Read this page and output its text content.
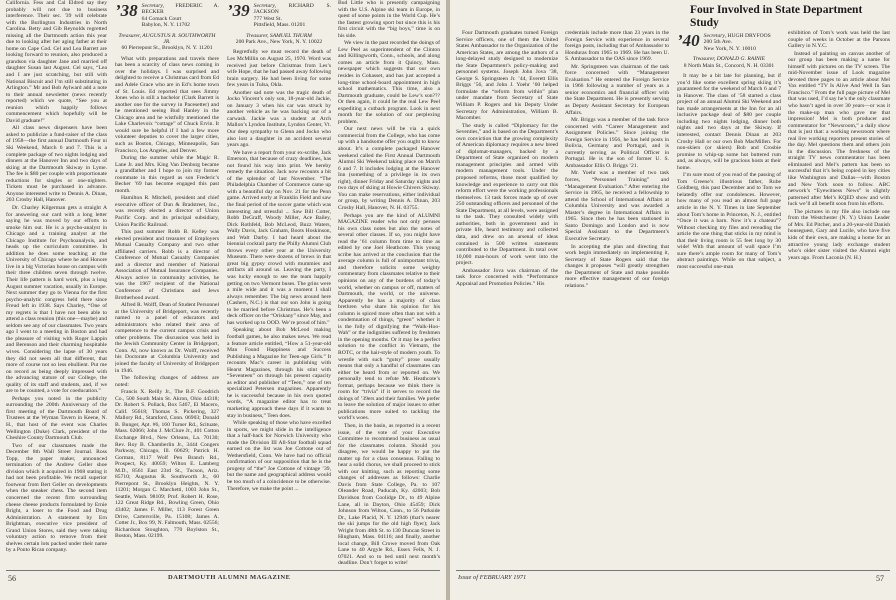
California. Fess and Cal Eldred say they probably will not due to business interference. Their sec. '39 will celebrate with the Burlington Industries in North Carolina. Betty and Gib Reynolds regretted missing all the Dartmouth action this year due to looking after her aging father at their home on Cape Cod. Cel and Lea Barrett are looking forward to reunion, also produced a grandson via daughter Jane and married off daughter Susan last August. Cel says, “Lea and I are just scratching, but still with National Biscuit and I’m still substituting in Arlington.” Mr and Bob Aylward add a note to their annual newsletter (news recently reported) which we quote, “See you at reunion which happily follows commencement which hopefully will be David graduate!”

All class news dispensers have been asked to publicize a fund-raiser of the class of 1958—the first annual Dartmouth Four ni Ski Weekend, March 6 and 7. This is a complete package of two nights lodging and dinners at the Hanover Inn and two days of skiing at the Dartmouth Skiway in Lyme. The fee is $80 per couple with proportionate reductions for singles or one-nighters. Tickets must be purchased in advance. Anyone interested write to Dennis A. Dinan, 203 Crosby Hall, Hanover.

Dr. Charley Kilgerman gets a straight A for answering our card with a long letter saying he was moved by our efforts to smoke him out. He is a psycho-analyst in Chicago and a training analyst at the Chicago Institute for Psychoanalysis, and heads up the curriculum committee. In addition he does some teaching at the University of Chicago where he and Honore live in a big Victorian house on campus with their three children seven through twelve. Their life pattern is hard work, plus a long August summer vacation, usually in Europe. Next summer they go to Vienna for the first psycho-analytic congress held there since Freud left in 1938. Says Charley, “One of my regrets is that I have not been able to attend a class reunion (this one—maybe) and seldom see any of our classmates. Two years ago I went to a meeting in Boston and had the pleasure of visiting with Roger Lappin and Berenson and their charming hospitable wives. Considering the lapse of 30 years they did not seem all that different, that more of course not so less ebullient. Put me on record as being deeply impressed with the advancing stature of our College, the quality of its staff and students, and, if we are to be counted, a vote for coeducation.”

Perhaps you noted in the publicity surrounding the 200th Anniversary of the first meeting of the Dartmouth Board of Trustees at the Wyman Tavern in Keene, N. H., that host of the event was Charles Wellington (Duke) Clark, president of the Cheshire County Dartmouth Club.

Two of our classmates made the December 8th Wall Street Journal. Ross Topp, the paper maker, announced termination of the Andrew Geller shoe division which it acquired in 1968 stating it had not been profitable. We recall superior footwear from Bert Geller on developments when the sneaker chess. The second item concerned the recent firm surrounding cheese cheese products formulated by Ernie Bright, a loser to the Food and Drug Administration. A statement by Ern Brightman, executive vice president of Grand Union Stores, said they were taking voluntary action to remove from their shelves certain lots packed under their name by a Ponto Rican company.

’38 Secretary, FREDERIC A. BECKER
64 Comack Court
Babylon, N. Y. 11702
Treasurer, AUGUSTUS R. SOUTHWORTH JR.
60 Pierrepont St., Brooklyn, N. Y. 11201

What with preparations and travels there has been a scarcity of class news coming in over the holidays. I was surprised and delighted to receive a Christmas card from Ed and Adele Grace who are in Ed’s home town of St. Louis. Ed reported that sees Jimmy Jones who is still a bachelor (Clark Barrett is another one for the survey in Pacesetter) and he mentioned seeing Bud Hanley in the Chicago area and he wistfully mentioned the Lake Charlevoix “cottage” of Chuck Ervin. It would sure be helpful if I had a few more volunteer deputies to cover the larger cities, such as Boston, Chicago, Minneapolis, San Francisco, Los Angeles, and Denver.

During the summer while the Magic R. Lane Jr. and Mrs. King Van Denburg became a grandfather and I hope to join my former roommate in this regard as son Frederic’s Becker ’69 has become engaged this past month.

Hamilton R. Mitchell, president and chief executive officer of Dun & Bradstreet, Inc., was recently elected a director of Union Pacific Corp. and its principal subsidiary, Union Pacific Railroad.

This past summer Robb B. Kelley was elected president and treasurer of Employers Mutual Casualty Company and two other affiliated carriers. Robb is a director of Conference of Mutual Casualty Companies and a director and member of National Association of Mutual Insurance Companies. Always active in community activities, he was the 1967 recipient of the National Conference of Christians and Jews Brotherhood award.

Alfred R. Wolff, Dean of Student Personnel at the University of Bridgeport, was recently named to a panel of educators and administrators who related their area of competence to the current campus crisis and other problems. The discussion was held in the Jewish Community Center in Bridgeport, Conn. Al, now known as Dr. Wolff, received his Doctorate at Columbia University and joined the faculty of University of Bridgeport in 1946.

The following changes of address are noted:

Francis X. Reilly Jr., The B.F. Goodrich Co., 500 South Main St. Akron, Ohio 44318; Dr. Robert S. Pollack, Box 5467, El Macero, Calif. 95618; Thomas S. Pickering, 327 Mallory Rd., Stamford, Conn. 06903; Donald B. Bunger, Apt. #6, 160 Turner Rd., Scituate, Mass. 02066; John J. McClure Jr., 401 Cotton Exchange Blvd., New Orleans, La. 70130; Rev. Roy B. Chamberlin Jr., 3444 Congers Parkway, Chicago, Ill. 60629; Patrick H. Gorman, 8117 Wolf Pen Branch Rd., Prospect, Ky. 40059; Wilton E. Lamberg M.D., 8561 East 23rd St., Tucson, Ariz. 85710; Augustus R. Southworth Jr., 60 Pierrepont St., Brooklyn Heights, N. Y. 11201; Morgan C. Marchetti, 1003 John St., Seattle, Wash. 98109; Prof. Robert H. Rose, 122 Great Ridge Rd., Bowling Green, Ohio 43402; James F. Miller, 113 Forest Green Drive, Cartersville, Pa. 15108; James A. Cotter Jr., Box 99, N. Falmouth, Mass. 02556; Richardson Stoughton, 770 Boylston St., Boston, Mass. 02199.

’39 Secretary, RICHARD S. JACKSON
777 West St.
Pittsfield, Mass. 01201
Treasurer, SAMUEL THURM
200 Park Ave., New York, N. Y. 10022

Regretfully we must record the death of Les McMillin on August 25, 1970. Word was received just before Christmas from Les’s wife Hope, that he had passed away following brain surgery. He had been living for some few years in Tulsa, Okla.

Another sad note was the tragic death of Jocko Vincent’s only son, 18-year-old Jackie, on January 3 when his car was struck by another vehicle as he was backing out of a carwash. Jackie was a student at Arch Mallon’s Lyndon Institute, Lyndon Center, Vt. Our deep sympathy to Glenn and Jocko who also lost a daughter in an accident several years ago.

We have a report from your ex-scribe, Jack Emerson, that because of crazy deadlines, has not found his way into print. We hereby remedy the situation. Jack now recounts a bit of the splendor of last November. “The Philadelphia Chamber of Commerce came up with a beautiful day on Nov. 21 for the Penn game. Arrived early at Franklin Field and saw the final period of the soccer game which was interesting and stressful ... Saw Bill Cotter, Robb DeGraff, Woody Miller, Ace Bailey, Dick Rothfeld, Bob McLeod, Buzz Waters, Wally Davis, Jack Graham, Boots Hoskinson, and Walt Darby. I had heard about the biennial cocktail party the Philly Alumni Club throws every other year at the University Museum. There were dozens of brews in that great big gypsy crowd with mummies and artifacts all around us. Leaving the party, I was lucky enough to see the team happily getting on two Vermont buses. The grins were a mile wide and it was a moment I shall always remember. The big news around here (Cashers, N.C.) is that our son John is going to be married before Christmas. He’s been a deck officer on the “Oriskany” since May, and has worked up to OOD. We’re proud of him.”

Speaking about Bob McLeod making football games, he also makes news. We read a feature article entitled, “How a 51-year-old Man Found Happiness and Success Publishing a Magazine for Teen-age Girls.” It recounts Mac’s career in publishing with Hearst Magazines, through his stint with “Seventeen” on through his present capacity as editor and publisher of “Teen,” one of ten specialized Petersen magazines. Apparently he is successful because in his own quoted words, “A magazine editor has to treat marketing approach these days if it wants to stay in business,” Teen does.

While speaking of those who have excelled in sports, we might slide in the intelligence that a half-back for Norwich University who made the Division III All-Star football squad earned on the list was Joe Cottone out of Wethersfield, Conn. We have had no official confirmation of our supposition that he is the progeny of “the” Joe Cottone of vintage ’39, but the name and geographical address would be too much of a coincidence to be otherwise. Therefore, we make the point ...

Bud Little who is presently campaigning with the U.S. Alpine ski team in Europe, in quest of some points in the World Cup. He’s the fastest growing sport but since this is his first circuit with the “big boys,” time is on his side.

We view in the past recorded the doings of Lew Peel as superintendent of the Clinton and Killingworth, Conn., schools, and along comes an article from it Quincy, Mass. newspaper which suggests that our own resides in Cohasset, and has just accepted a long-time school-board appointment in high school mathematics. This time, also a Dartmouth graduate, could be Lew’s son??? Or then again, it could be the real Lew Peel expediting a cutback program. Look in next month for the solution of our perplexing problem.

Our next news will be via a quick commercial from the College, who has come up with a handsome offer you ought to know about. It’s a complete packaged Hanover weekend called the First Annual Dartmouth Alumni Ski Weekend taking place on March 6 and 7. It includes lodging at the Hanover Inn (something of a privilege in its own right), dinner Friday and Saturday nights and two days of skiing at Howie Chivers Skiway. You can make reservations, either individual or group, by writing Dennis A. Dinan, 203 Crosby Hall, Hanover, N. H. 03755.

Perhaps you are the kind of ALUMNI MAGAZINE reader who not only peruses his own class notes but also the notes of several other classes. If so, you might have read the ’61 column from time to time as edited by one Joel Heathcote. This young scribe has arrived at the conclusion that the average column is full of unimportant trivia, and therefore solicits some weighty commentary from classmates relative to their opinions on any of the burdens of today’s world, whether on campus or off, matters of Dartmouth, the world, or the universe. Apparently he has a majority of class brethren who share his opinion for his column is spiced more often than not with a condemnation of things, “green” whether it is the folly of dignifying the “Walk-Hoo-Wah” or the indignities suffered by freshmen in the opening months. Or it may be a perfect solution to the conflict in Vietnam, the ROTC, or the hair-style of modern youth. To wrestle with such “gutsy” prose usually means that only a handful of classmates can either be heard from or reported on. We personally tend to refute Mr. Heathcote’s format, perhaps because we think there is room for “trivia” if it serves to record the doings of ’39ers and their families. We prefer to leave the solution of major issues to other publications more suited to tackling the world’s woes.

Then, in the basin, as reported in a recent issue, of the vote of your Executive Committee to recommend business as usual for the classmates column. Should you disagree, we would be happy to put the matter up for a class consensus. Failing to hear a solid chorus, we shall proceed to stick with our knitting, such as reporting some changes of addresses as follows: Charlie Davis from State College, Pa. to 107 Oleander Road, Paducah, Ky. 42003; Bob Davidson from Coolidge Dr., to 49 Alpine Lane, all in Dayton, Ohio 45459; Dick Johnson from Wilton, Conn., to 56 Parkside Dr., Lake Placid, N. Y. 12946 (that’s nearer the ski jumps for the old high flyer); Jack Wright from 48th St. to 130 Duncan Street in Hingham, Mass. 04116; and finally, another local change, Bill Crowe moved from Oak Lane to 40 Argyle Rd., Essex Fells, N. J. 07021. And so to bed until next month’s deadline. Don’t forget to write!

56	DARTMOUTH ALUMNI MAGAZINE

Four Dartmouth graduates turned Foreign Service officers, one of them the United States Ambassador to the Organization of the American States, are among the authors of a long-delayed study designed to modernize the State Department’s policy-making and personnel systems. Joseph John Jova ’38, George S. Springsteen Jr. ’44, Everett Ellis Briggs ’56, and John J. Yoehr ’60 helped formulate the “reform from within” plan under mandate from Secretary of State William P. Rogers and his Deputy Under Secretary for Administration, William B. Macomber.

The study is called “Diplomacy for the Seventies,” and is based on the Department’s own conviction that the growing complexity of American diplomacy requires a new breed of diplomat-managers, backed by a Department of State organized on modern management principles and armed with modern management tools. Under the proposed reforms, those most qualified by knowledge and experience to carry out this reform effort were the working professionals themselves. 13 task forces made up of over 250 outstanding officers and personnel of the State Department, at all levels, were assigned to the task. They consulted widely with authorities, both in government and in private life, heard testimony and collected data, and drew on an arsenal of ideas contained in 500 written statements contributed to the Department. In total over 10,000 man-hours of work went into the project.

Ambassador Jova was chairman of the task force concerned with “Performance Appraisal and Promotion Policies.” His

credentials include more than 23 years in the Foreign Service with experience in several foreign posts, including that of Ambassador to Honduras from 1965 to 1969. He has been U. S. Ambassador to the OAS since 1969.

Mr. Springsteen was chairman of the task force concerned with “Management Evaluation.” He entered the Foreign Service in 1966 following a number of years as a senior economics and financial officer with the State Department. He is presently serving as Deputy Assistant Secretary for European Affairs.

Mr. Briggs was a member of the task force concerned with “Career Management and Assignment Policies.” Since joining the Foreign Service in 1956, he has held posts in Bolivia, Germany and Portugal, and is currently serving as Political Officer in Portugal. He is the son of former U. S. Ambassador Ellis O. Briggs ’21.

Mr. Yoehr was a member of two task forces, “Personnel Training” and “Management Evaluation.” After entering the Service in 1965, he received a fellowship to attend the School of International Affairs at Columbia University and was awarded a Master’s degree in International Affairs in 1965. Since then he has been stationed in Santo Domingo and London and is now Special Assistant to the Department’s Executive Secretary.

In accepting the plan and directing that work begin immediately on implementing it, Secretary of State Rogers said that the changes it proposes “will greatly strengthen the Department of State and make possible more effective management of our foreign relations.”

Four Involved in State Department Study
’40 Secretary, HUGH DRYFOOS
200 5th Ave.
New York, N. Y. 10010
Treasurer, DONALD G. RAINIE
8 North Main St., Concord, N. H. 03301

It may be a bit late for planning, but if you’d like some excellent spring skiing it’s guaranteed for the weekend of March 6 and 7 in Hanover. The class of ’58 started a class project of an annual Alumni Ski Weekend and has made arrangements at the Inn for an all inclusive package deal of $80 per couple including two nights lodging, dinner both nights and two days at the Skiway. If interested, contact Dennis Dinan at 203 Crosby Hall or our own Bob MacMillen. For non-skiers (or skiers) Bob and Crosbie promise to whip-up some hot buttered rum and, as always, will be gracious hosts at their home.

I’m sure most of you read of the passing of Tom Greene’s illustrious father, Rube Goldberg, this past December and to Tom we belatedly offer our condolences. However, how many of you read an almost full page article in the N. Y. Times in late September about Tom’s home in Princeton, N. J., entitled “Once it was a barn. Now it’s a chateau”? Without checking my files and rereading the article the one thing that sticks in my mind is that their living room is 55 feet long by 30 wide! With that amount of wall space I’m sure there’s ample room for many of Tom’s abstract paintings. While on that subject, a most successful one-man

exhibition of Tom’s work was held the last couple of weeks in October at the Parsons Gallery in N.Y.C.

Instead of painting on canvas another of our group has been making a name for himself with pictures on the TV screen. The mid-November issue of Look magazine devoted three pages to an article about Mel Vax entitled “TV Is Alive And Well In San Francisco.” From the full page picture of Mel that was used, I’d say he’s the only classmate who hasn’t aged in over 30 years—or was it the make-up man who gave me that impression! Mel is both producer and commentator for “Newsroom,” a daily show that is just that: a working newsroom where real live working reporters present stories of the day. Mel questions them and others join in the discussion. The freshness of the straight TV news commentator has been eliminated and Mel’s pattern has been so successful that it’s being copied in key cities like Washington and Dallas—with Boston and New York soon to follow. ABC network’s “Eyewitness News” is slightly patterned after Mel’s KQED show and with luck we’ll all benefit soon from his efforts.

The pictures in my file also include one from the Westchester (N. Y.) Union Leader of Mrs. Ed Pitcher, and a 20-year-old Danish houseguest, Gary and Lucile, who have five kids of their own, are making a home for an attractive young lady exchange student who’s older sister visited the Alumni eight years ago. From Laconia (N. H.)

Issue of FEBRUARY 1971	57
